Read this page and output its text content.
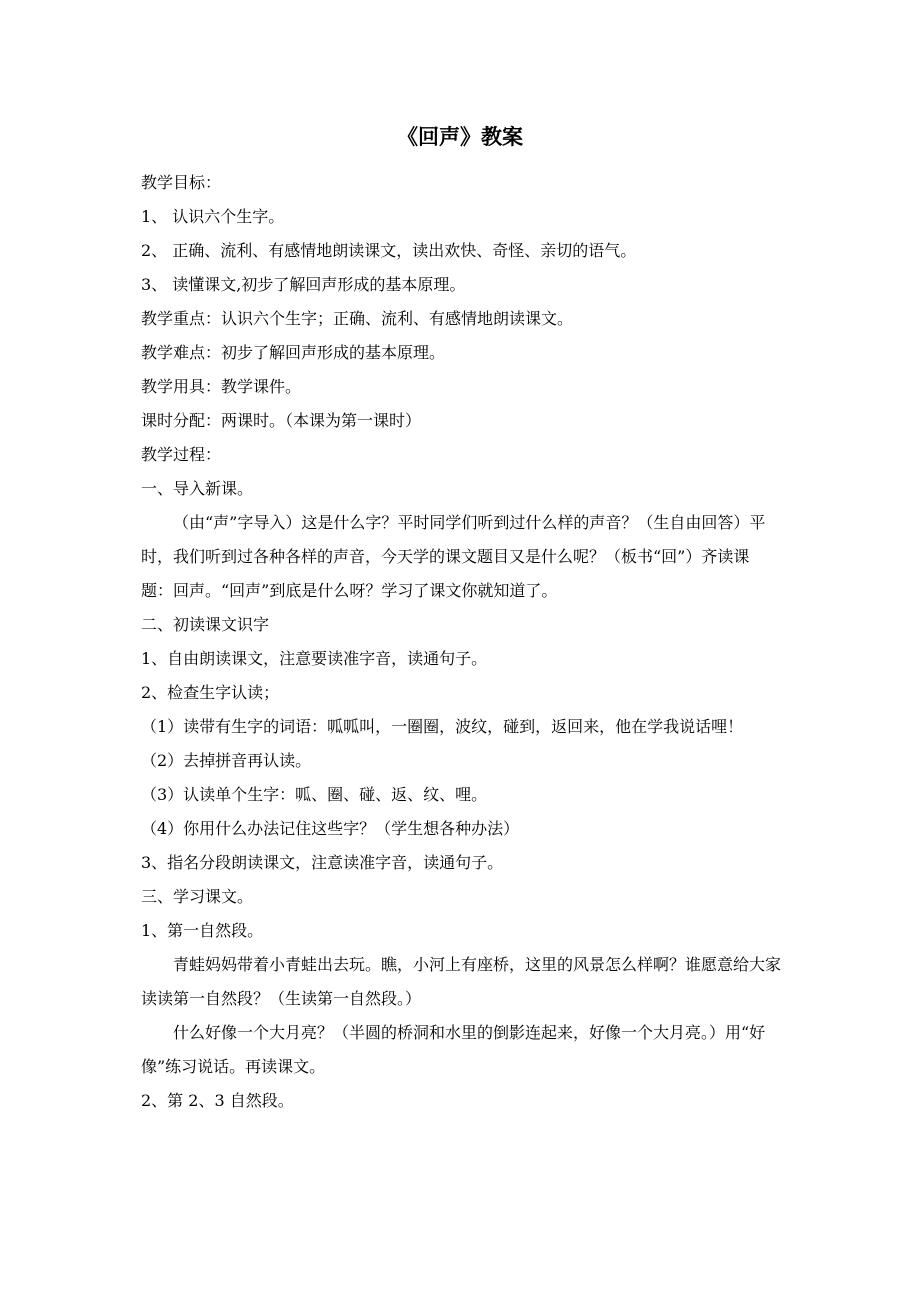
《回声》教案

教学目标：

1、 认识六个生字。

2、 正确、流利、有感情地朗读课文，读出欢快、奇怪、亲切的语气。

3、 读懂课文,初步了解回声形成的基本原理。

教学重点：认识六个生字；正确、流利、有感情地朗读课文。

教学难点：初步了解回声形成的基本原理。

教学用具：教学课件。

课时分配：两课时。（本课为第一课时）

教学过程：

一、导入新课。

（由“声”字导入）这是什么字？平时同学们听到过什么样的声音？（生自由回答）平时，我们听到过各种各样的声音，今天学的课文题目又是什么呢？（板书“回”）齐读课题：回声。“回声”到底是什么呀？学习了课文你就知道了。

二、初读课文识字

1、自由朗读课文，注意要读准字音，读通句子。

2、检查生字认读；

（1）读带有生字的词语：呱呱叫，一圈圈，波纹，碰到，返回来，他在学我说话哩！

（2）去掉拼音再认读。

（3）认读单个生字：呱、圈、碰、返、纹、哩。

（4）你用什么办法记住这些字？（学生想各种办法）

3、指名分段朗读课文，注意读准字音，读通句子。

三、学习课文。

1、第一自然段。

青蛙妈妈带着小青蛙出去玩。瞧，小河上有座桥，这里的风景怎么样啊？谁愿意给大家读读第一自然段？（生读第一自然段。）

什么好像一个大月亮？（半圆的桥洞和水里的倒影连起来，好像一个大月亮。）用“好像”练习说话。再读课文。

2、第 2、3 自然段。
